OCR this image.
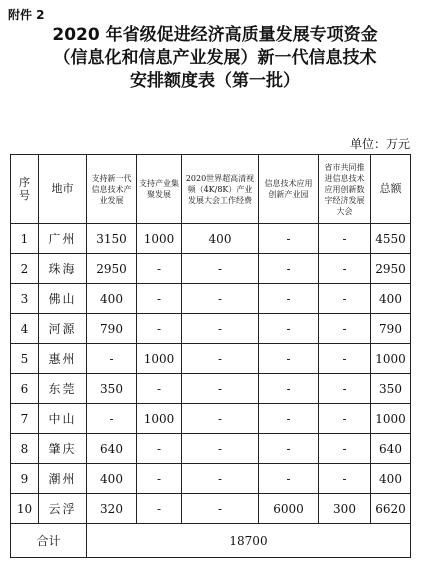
附件 2
2020 年省级促进经济高质量发展专项资金
（信息化和信息产业发展）新一代信息技术
安排额度表（第一批）
单位：万元
序号	地市	支持新一代信息技术产业发展	支持产业集聚发展	2020世界超高清视频（4K/8K）产业发展大会工作经费	信息技术应用创新产业园	省市共同推进信息技术应用创新数字经济发展大会	总额
1	广州	3150	1000	400	-	-	4550
2	珠海	2950	-	-	-	-	2950
3	佛山	400	-	-	-	-	400
4	河源	790	-	-	-	-	790
5	惠州	-	1000	-	-	-	1000
6	东莞	350	-	-	-	-	350
7	中山	-	1000	-	-	-	1000
8	肇庆	640	-	-	-	-	640
9	潮州	400	-	-	-	-	400
10	云浮	320	-	-	6000	300	6620
合计		18700					
